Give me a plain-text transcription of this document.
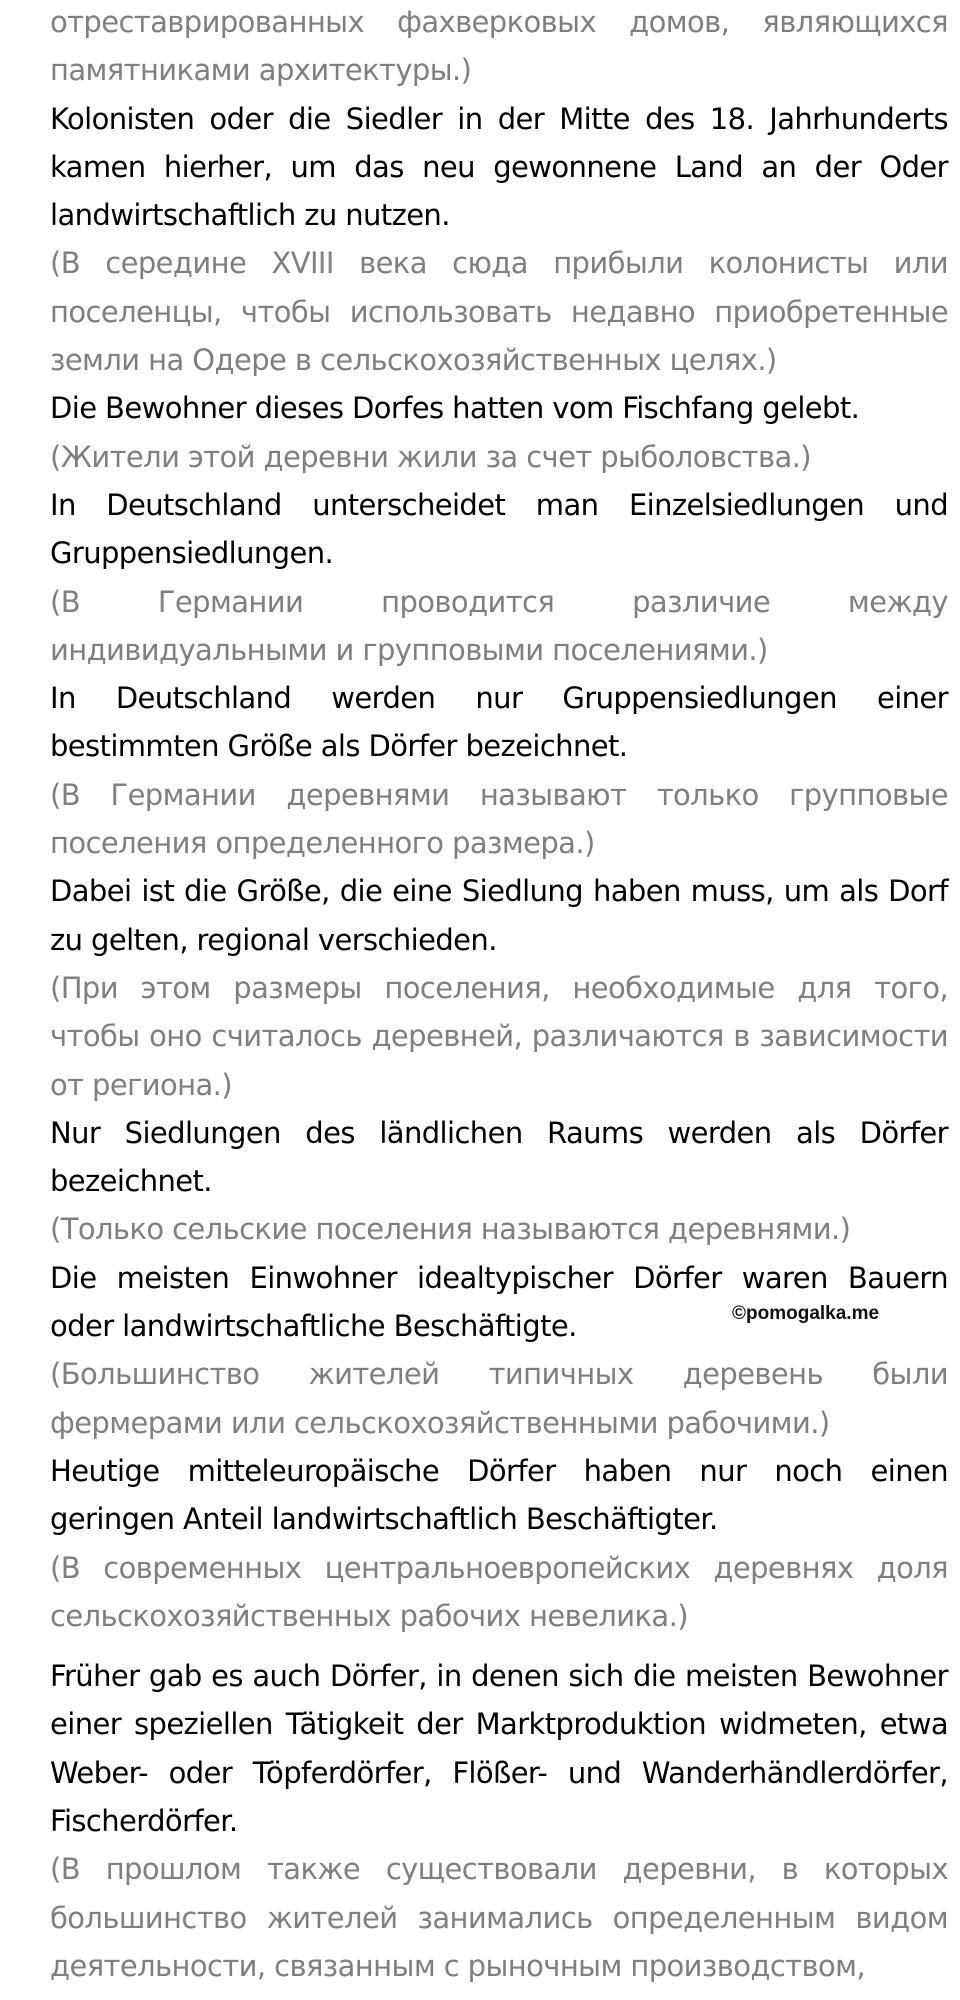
отреставрированных фахверковых домов, являющихся памятниками архитектуры.)

Kolonisten oder die Siedler in der Mitte des 18. Jahrhunderts kamen hierher, um das neu gewonnene Land an der Oder landwirtschaftlich zu nutzen.

(В середине XVIII века сюда прибыли колонисты или поселенцы, чтобы использовать недавно приобретенные земли на Одере в сельскохозяйственных целях.)

Die Bewohner dieses Dorfes hatten vom Fischfang gelebt.

(Жители этой деревни жили за счет рыболовства.)

In Deutschland unterscheidet man Einzelsiedlungen und Gruppensiedlungen.

(В Германии проводится различие между индивидуальными и групповыми поселениями.)

In Deutschland werden nur Gruppensiedlungen einer bestimmten Größe als Dörfer bezeichnet.

(В Германии деревнями называют только групповые поселения определенного размера.)

Dabei ist die Größe, die eine Siedlung haben muss, um als Dorf zu gelten, regional verschieden.

(При этом размеры поселения, необходимые для того, чтобы оно считалось деревней, различаются в зависимости от региона.)

Nur Siedlungen des ländlichen Raums werden als Dörfer bezeichnet.

(Только сельские поселения называются деревнями.)

Die meisten Einwohner idealtypischer Dörfer waren Bauern oder landwirtschaftliche Beschäftigte.

(Большинство жителей типичных деревень были фермерами или сельскохозяйственными рабочими.)

Heutige mitteleuropäische Dörfer haben nur noch einen geringen Anteil landwirtschaftlich Beschäftigter.

(В современных центральноевропейских деревнях доля сельскохозяйственных рабочих невелика.)

Früher gab es auch Dörfer, in denen sich die meisten Bewohner einer speziellen Tätigkeit der Marktproduktion widmeten, etwa Weber- oder Töpferdörfer, Flößer- und Wanderhändlerdörfer, Fischerdörfer.

(В прошлом также существовали деревни, в которых большинство жителей занимались определенным видом деятельности, связанным с рыночным производством,

©pomogalka.me
